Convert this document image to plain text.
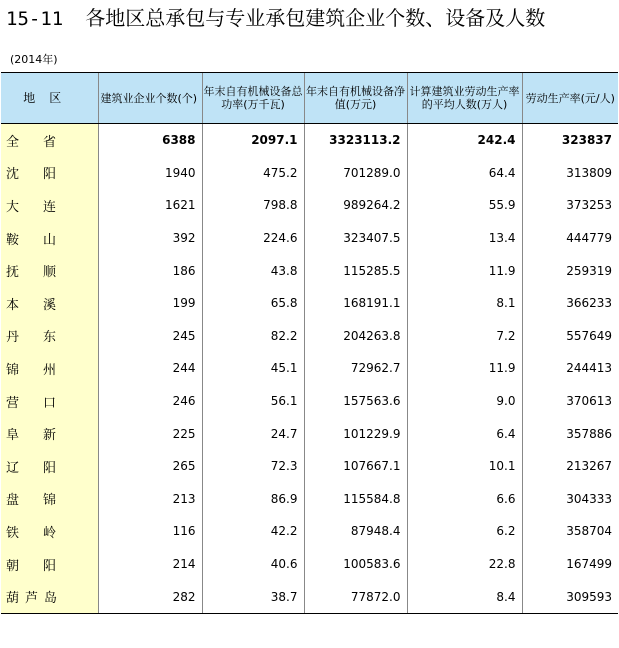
15-11 各地区总承包与专业承包建筑企业个数、设备及人数
(2014年)
地区	建筑业企业个数(个)	年末自有机械设备总功率(万千瓦)	年末自有机械设备净值(万元)	计算建筑业劳动生产率的平均人数(万人)	劳动生产率(元/人)
全省	6388	2097.1	3323113.2	242.4	323837
沈阳	1940	475.2	701289.0	64.4	313809
大连	1621	798.8	989264.2	55.9	373253
鞍山	392	224.6	323407.5	13.4	444779
抚顺	186	43.8	115285.5	11.9	259319
本溪	199	65.8	168191.1	8.1	366233
丹东	245	82.2	204263.8	7.2	557649
锦州	244	45.1	72962.7	11.9	244413
营口	246	56.1	157563.6	9.0	370613
阜新	225	24.7	101229.9	6.4	357886
辽阳	265	72.3	107667.1	10.1	213267
盘锦	213	86.9	115584.8	6.6	304333
铁岭	116	42.2	87948.4	6.2	358704
朝阳	214	40.6	100583.6	22.8	167499
葫芦岛	282	38.7	77872.0	8.4	309593
